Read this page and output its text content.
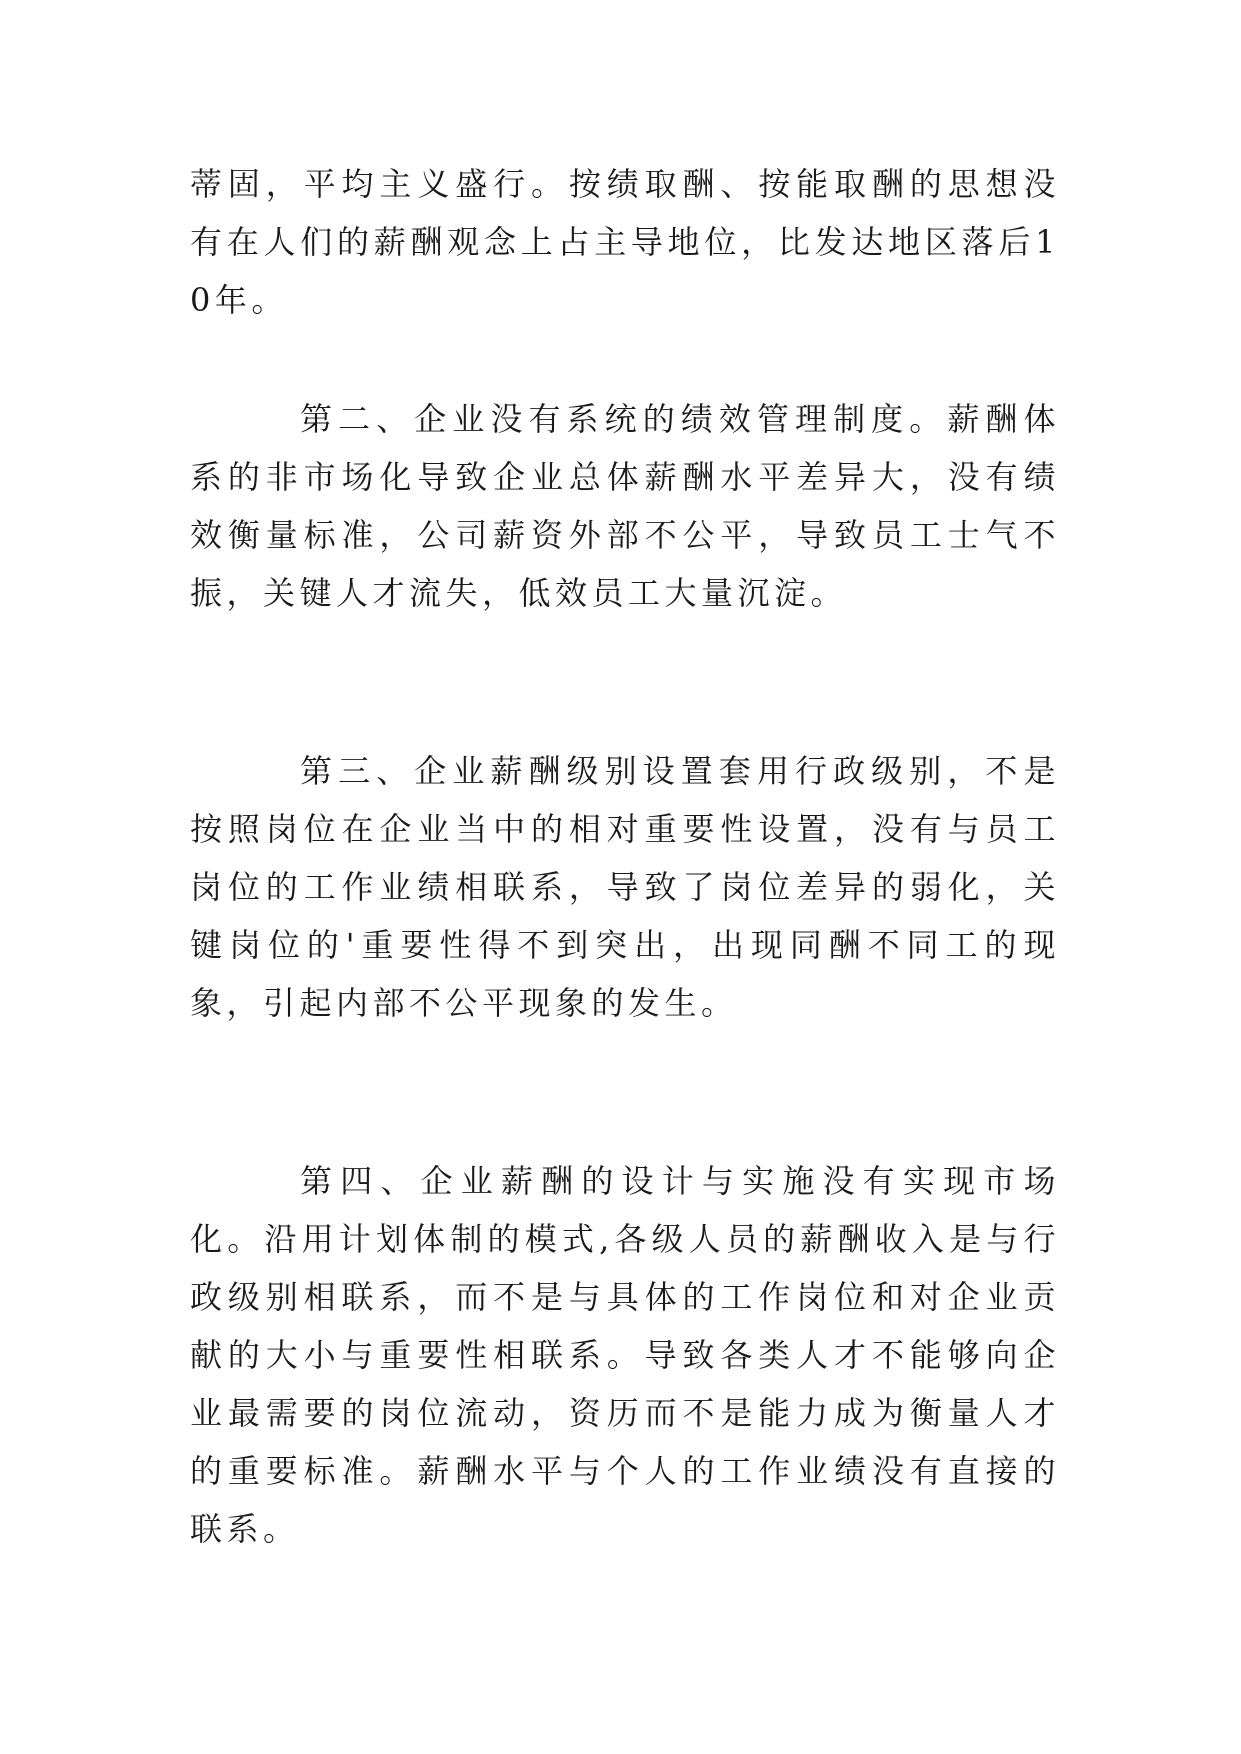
蒂固，平均主义盛行。按绩取酬、按能取酬的思想没有在人们的薪酬观念上占主导地位，比发达地区落后10年。

第二、企业没有系统的绩效管理制度。薪酬体系的非市场化导致企业总体薪酬水平差异大，没有绩效衡量标准，公司薪资外部不公平，导致员工士气不振，关键人才流失，低效员工大量沉淀。

第三、企业薪酬级别设置套用行政级别，不是按照岗位在企业当中的相对重要性设置，没有与员工岗位的工作业绩相联系，导致了岗位差异的弱化，关键岗位的'重要性得不到突出，出现同酬不同工的现象，引起内部不公平现象的发生。

第四、企业薪酬的设计与实施没有实现市场化。沿用计划体制的模式,各级人员的薪酬收入是与行政级别相联系，而不是与具体的工作岗位和对企业贡献的大小与重要性相联系。导致各类人才不能够向企业最需要的岗位流动，资历而不是能力成为衡量人才的重要标准。薪酬水平与个人的工作业绩没有直接的联系。
